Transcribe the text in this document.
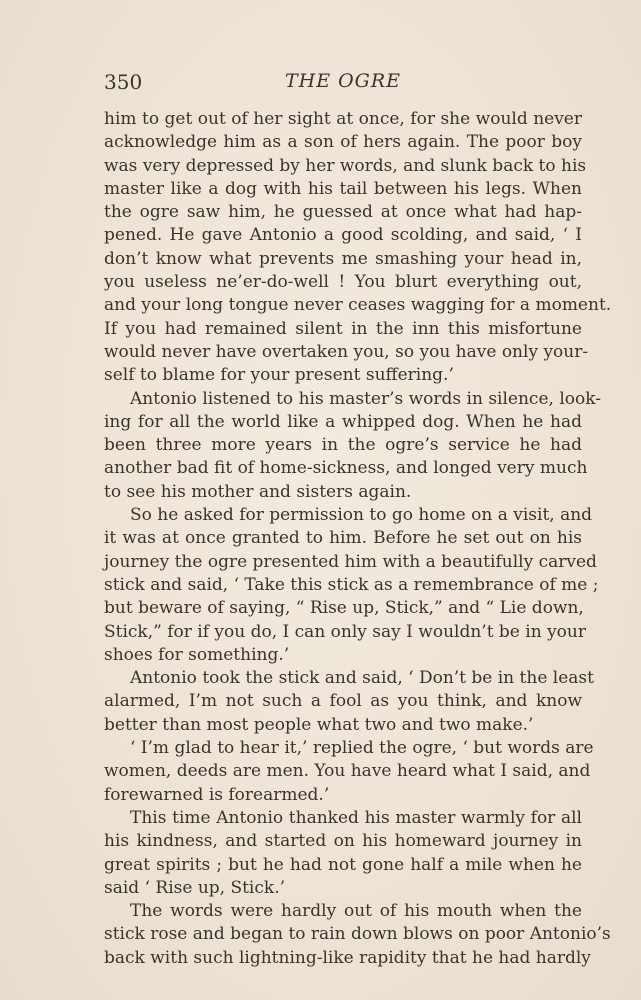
350	THE OGRE
him to get out of her sight at once, for she would never
acknowledge him as a son of hers again. The poor boy
was very depressed by her words, and slunk back to his
master like a dog with his tail between his legs. When
the ogre saw him, he guessed at once what had hap-
pened. He gave Antonio a good scolding, and said, ‘ I
don’t know what prevents me smashing your head in,
you useless ne’er-do-well ! You blurt everything out,
and your long tongue never ceases wagging for a moment.
If you had remained silent in the inn this misfortune
would never have overtaken you, so you have only your-
self to blame for your present suffering.’
Antonio listened to his master’s words in silence, look-
ing for all the world like a whipped dog. When he had
been three more years in the ogre’s service he had
another bad fit of home-sickness, and longed very much
to see his mother and sisters again.
So he asked for permission to go home on a visit, and
it was at once granted to him. Before he set out on his
journey the ogre presented him with a beautifully carved
stick and said, ‘ Take this stick as a remembrance of me ;
but beware of saying, “ Rise up, Stick,” and “ Lie down,
Stick,” for if you do, I can only say I wouldn’t be in your
shoes for something.’
Antonio took the stick and said, ‘ Don’t be in the least
alarmed, I’m not such a fool as you think, and know
better than most people what two and two make.’
‘ I’m glad to hear it,’ replied the ogre, ‘ but words are
women, deeds are men. You have heard what I said, and
forewarned is forearmed.’
This time Antonio thanked his master warmly for all
his kindness, and started on his homeward journey in
great spirits ; but he had not gone half a mile when he
said ‘ Rise up, Stick.’
The words were hardly out of his mouth when the
stick rose and began to rain down blows on poor Antonio’s
back with such lightning-like rapidity that he had hardly
